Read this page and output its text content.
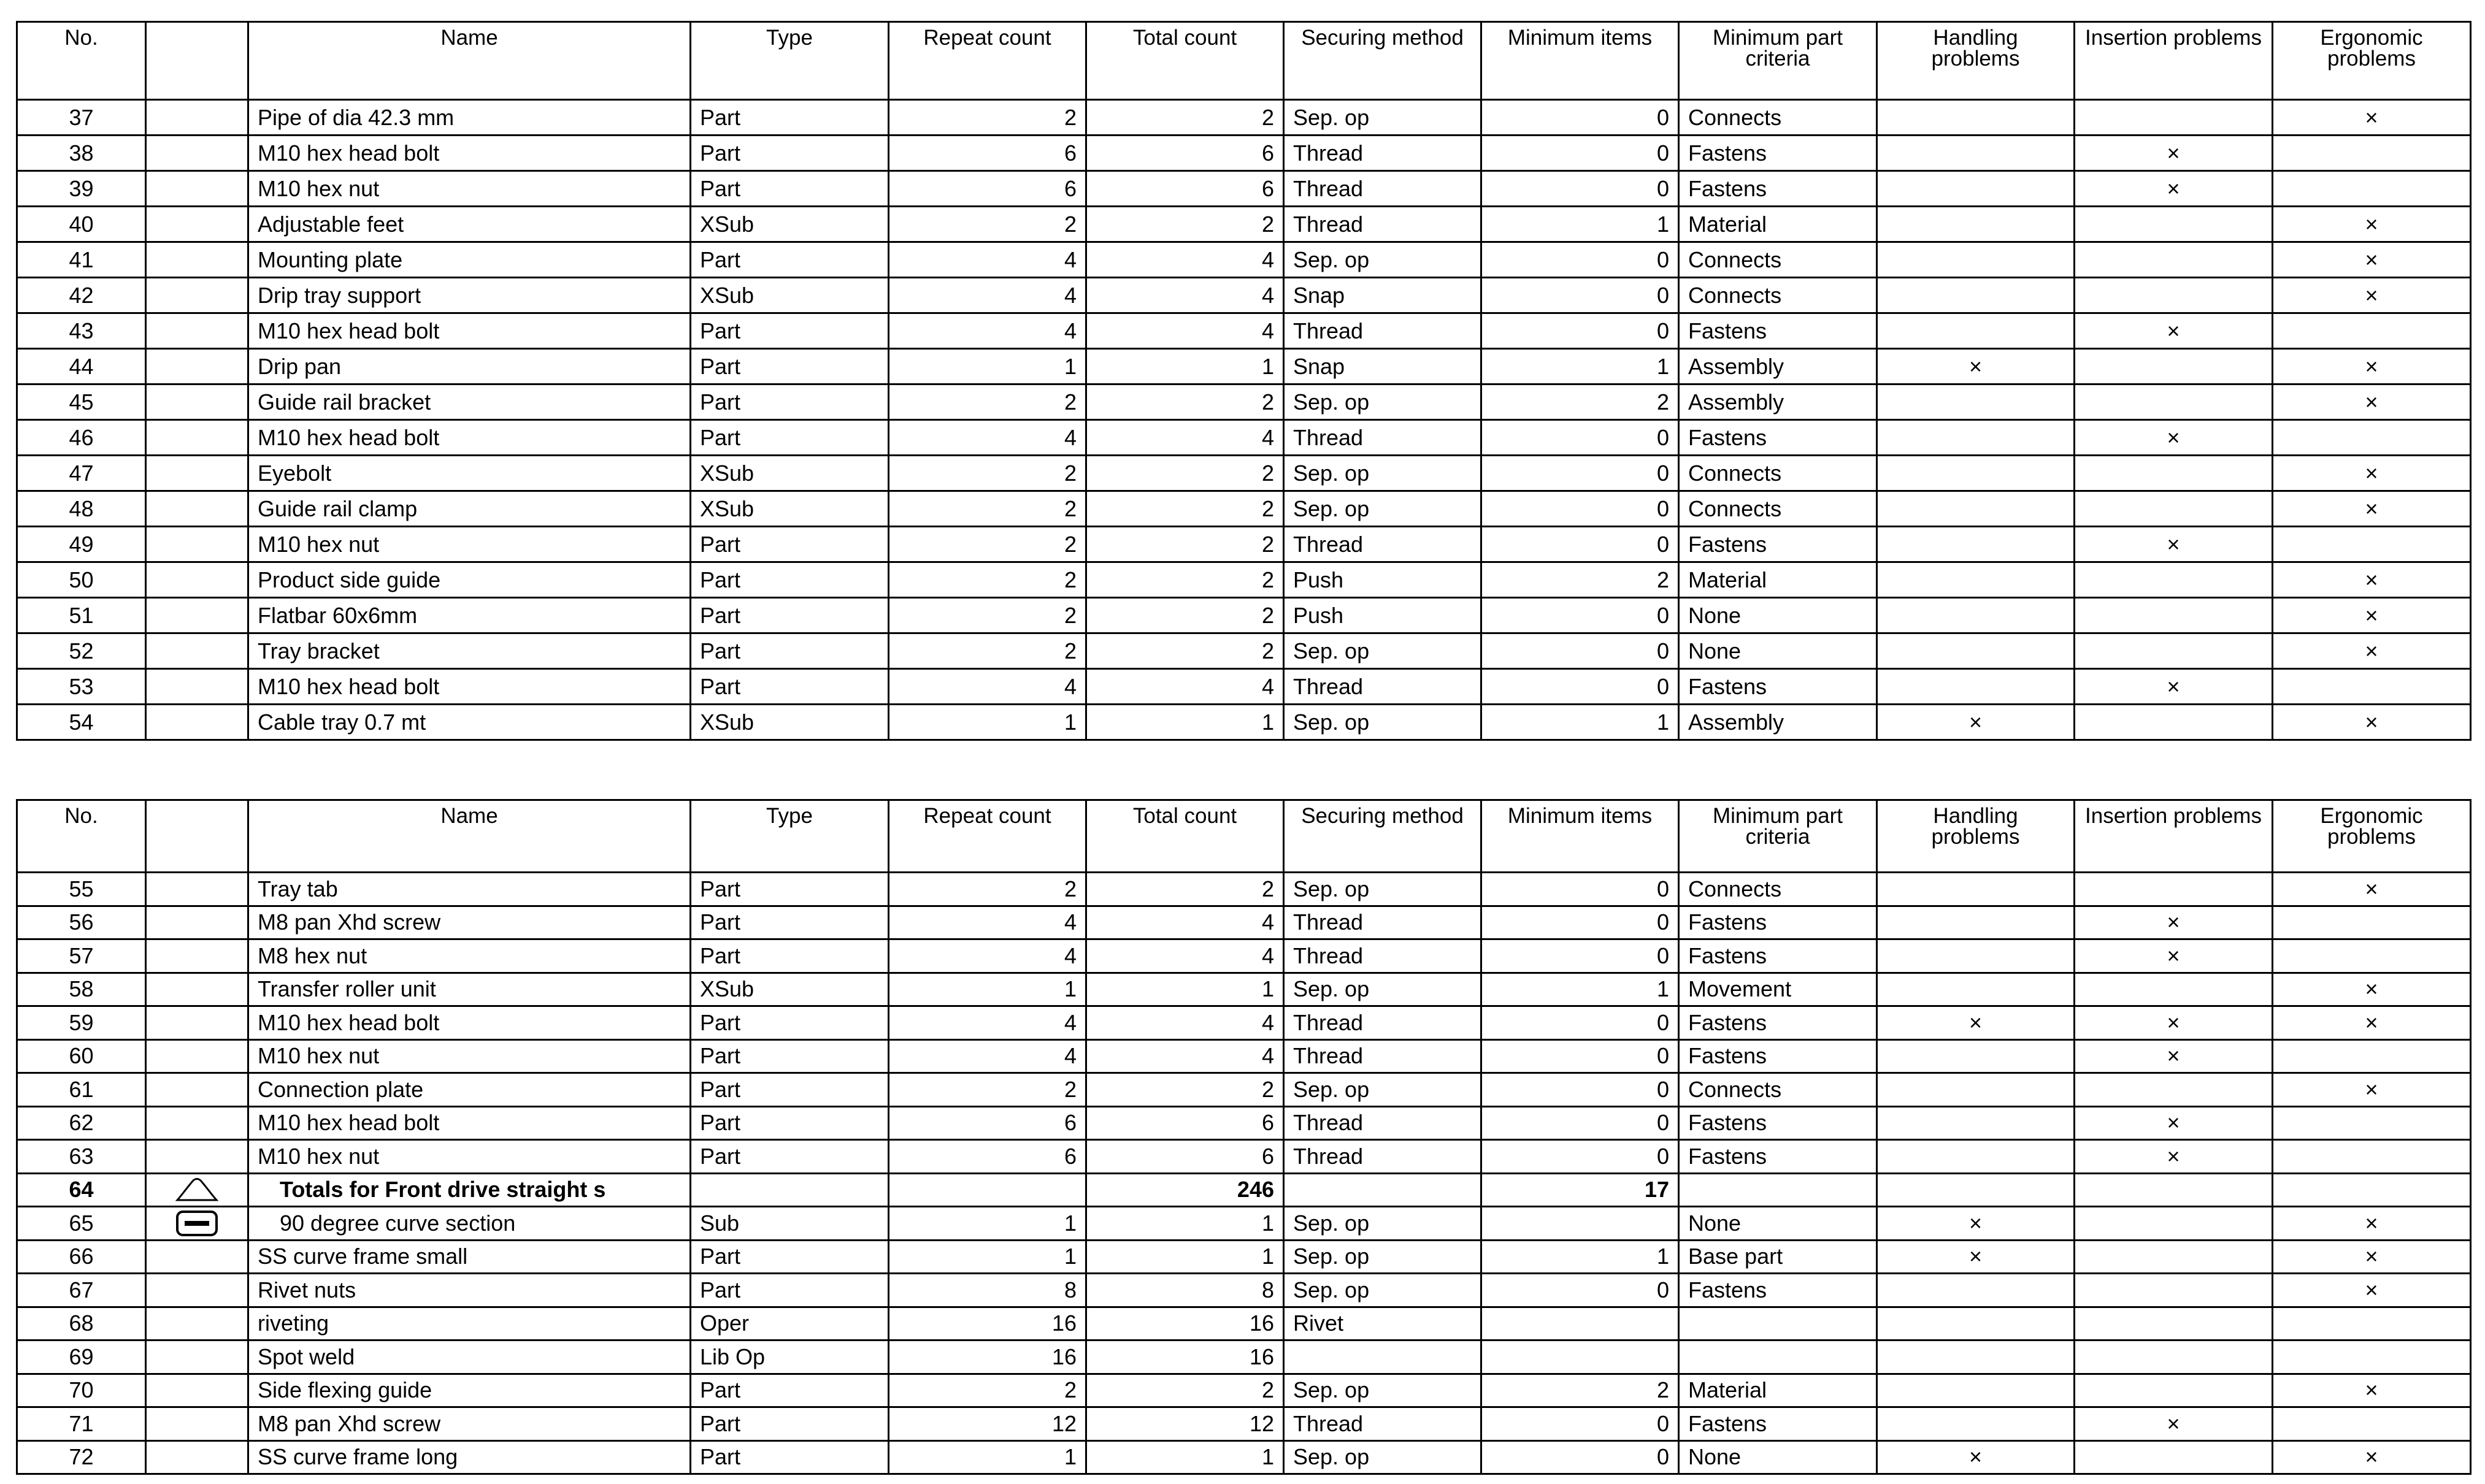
No.		Name	Type	Repeat count	Total count	Securing method	Minimum items	Minimum part criteria	Handling problems	Insertion problems	Ergonomic problems
37		Pipe of dia 42.3 mm	Part	2	2	Sep. op	0	Connects			×
38		M10 hex head bolt	Part	6	6	Thread	0	Fastens		×	
39		M10 hex nut	Part	6	6	Thread	0	Fastens		×	
40		Adjustable feet	XSub	2	2	Thread	1	Material			×
41		Mounting plate	Part	4	4	Sep. op	0	Connects			×
42		Drip tray support	XSub	4	4	Snap	0	Connects			×
43		M10 hex head bolt	Part	4	4	Thread	0	Fastens		×	
44		Drip pan	Part	1	1	Snap	1	Assembly	×		×
45		Guide rail bracket	Part	2	2	Sep. op	2	Assembly			×
46		M10 hex head bolt	Part	4	4	Thread	0	Fastens		×	
47		Eyebolt	XSub	2	2	Sep. op	0	Connects			×
48		Guide rail clamp	XSub	2	2	Sep. op	0	Connects			×
49		M10 hex nut	Part	2	2	Thread	0	Fastens		×	
50		Product side guide	Part	2	2	Push	2	Material			×
51		Flatbar 60x6mm	Part	2	2	Push	0	None			×
52		Tray bracket	Part	2	2	Sep. op	0	None			×
53		M10 hex head bolt	Part	4	4	Thread	0	Fastens		×	
54		Cable tray 0.7 mt	XSub	1	1	Sep. op	1	Assembly	×		×
No.		Name	Type	Repeat count	Total count	Securing method	Minimum items	Minimum part criteria	Handling problems	Insertion problems	Ergonomic problems
55		Tray tab	Part	2	2	Sep. op	0	Connects			×
56		M8 pan Xhd screw	Part	4	4	Thread	0	Fastens		×	
57		M8 hex nut	Part	4	4	Thread	0	Fastens		×	
58		Transfer roller unit	XSub	1	1	Sep. op	1	Movement			×
59		M10 hex head bolt	Part	4	4	Thread	0	Fastens	×	×	×
60		M10 hex nut	Part	4	4	Thread	0	Fastens		×	
61		Connection plate	Part	2	2	Sep. op	0	Connects			×
62		M10 hex head bolt	Part	6	6	Thread	0	Fastens		×	
63		M10 hex nut	Part	6	6	Thread	0	Fastens		×	
64		Totals for Front drive straight s			246		17				
65		90 degree curve section	Sub	1	1	Sep. op		None	×		×
66		SS curve frame small	Part	1	1	Sep. op	1	Base part	×		×
67		Rivet nuts	Part	8	8	Sep. op	0	Fastens			×
68		riveting	Oper	16	16	Rivet					
69		Spot weld	Lib Op	16	16						
70		Side flexing guide	Part	2	2	Sep. op	2	Material			×
71		M8 pan Xhd screw	Part	12	12	Thread	0	Fastens		×	
72		SS curve frame long	Part	1	1	Sep. op	0	None	×		×
